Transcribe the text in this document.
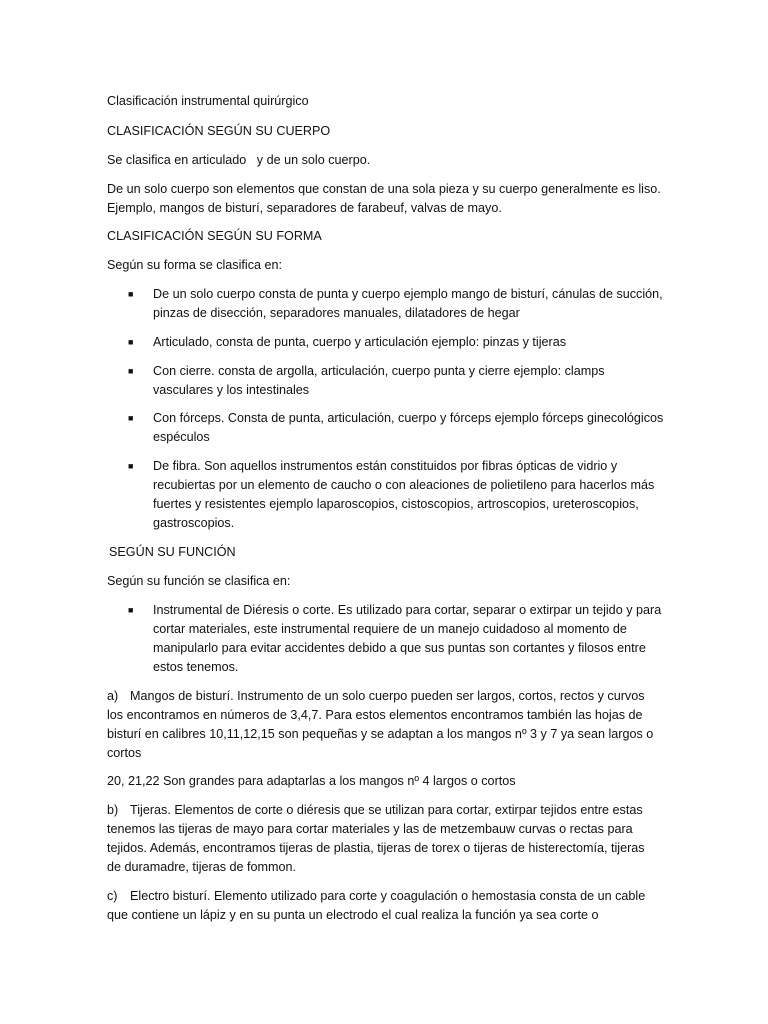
Clasificación instrumental quirúrgico

CLASIFICACIÓN SEGÚN SU CUERPO

Se clasifica en articulado   y de un solo cuerpo.

De un solo cuerpo son elementos que constan de una sola pieza y su cuerpo generalmente es liso. Ejemplo, mangos de bisturí, separadores de farabeuf, valvas de mayo.

CLASIFICACIÓN SEGÚN SU FORMA

Según su forma se clasifica en:

■ De un solo cuerpo consta de punta y cuerpo ejemplo mango de bisturí, cánulas de succión, pinzas de disección, separadores manuales, dilatadores de hegar
■ Articulado, consta de punta, cuerpo y articulación ejemplo: pinzas y tijeras
■ Con cierre. consta de argolla, articulación, cuerpo punta y cierre ejemplo: clamps vasculares y los intestinales
■ Con fórceps. Consta de punta, articulación, cuerpo y fórceps ejemplo fórceps ginecológicos espéculos
■ De fibra. Son aquellos instrumentos están constituidos por fibras ópticas de vidrio y recubiertas por un elemento de caucho o con aleaciones de polietileno para hacerlos más fuertes y resistentes ejemplo laparoscopios, cistoscopios, artroscopios, ureteroscopios, gastroscopios.

SEGÚN SU FUNCIÓN

Según su función se clasifica en:

■ Instrumental de Diéresis o corte. Es utilizado para cortar, separar o extirpar un tejido y para cortar materiales, este instrumental requiere de un manejo cuidadoso al momento de manipularlo para evitar accidentes debido a que sus puntas son cortantes y filosos entre estos tenemos.
a) Mangos de bisturí. Instrumento de un solo cuerpo pueden ser largos, cortos, rectos y curvos los encontramos en números de 3,4,7. Para estos elementos encontramos también las hojas de bisturí en calibres 10,11,12,15 son pequeñas y se adaptan a los mangos nº 3 y 7 ya sean largos o cortos

20, 21,22 Son grandes para adaptarlas a los mangos nº 4 largos o cortos

b) Tijeras. Elementos de corte o diéresis que se utilizan para cortar, extirpar tejidos entre estas tenemos las tijeras de mayo para cortar materiales y las de metzembauw curvas o rectas para tejidos. Además, encontramos tijeras de plastia, tijeras de torex o tijeras de histerectomía, tijeras de duramadre, tijeras de fommon.
c) Electro bisturí. Elemento utilizado para corte y coagulación o hemostasia consta de un cable que contiene un lápiz y en su punta un electrodo el cual realiza la función ya sea corte o
